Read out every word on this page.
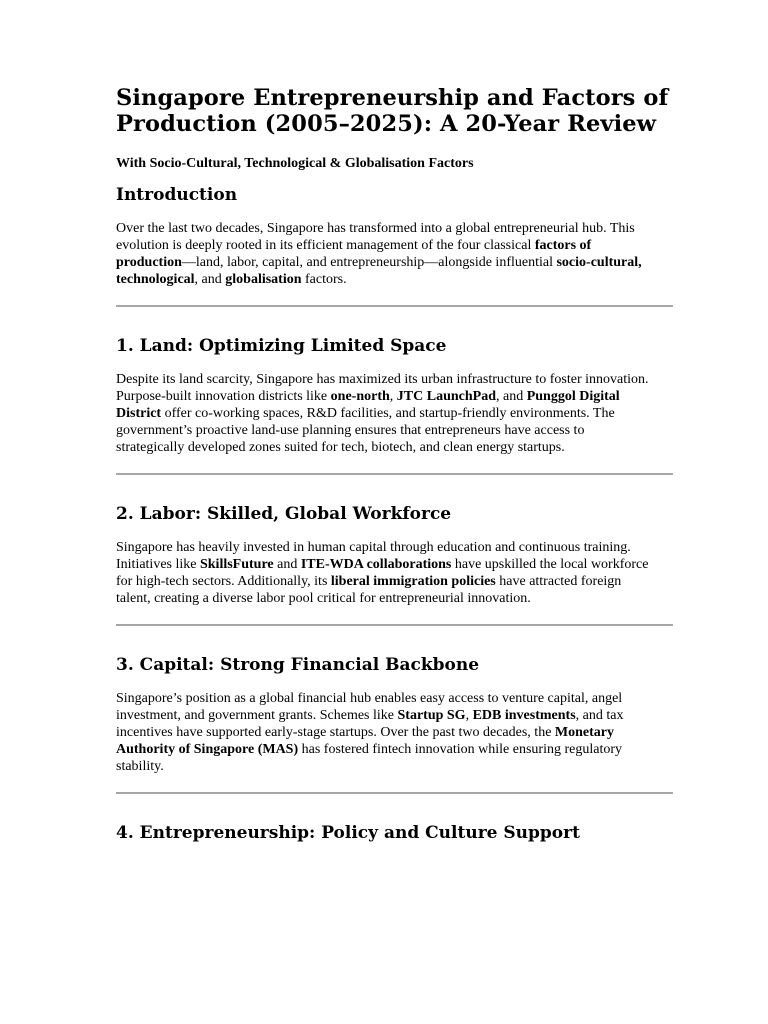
Singapore Entrepreneurship and Factors of Production (2005–2025): A 20-Year Review
With Socio-Cultural, Technological & Globalisation Factors
Introduction

Over the last two decades, Singapore has transformed into a global entrepreneurial hub. This evolution is deeply rooted in its efficient management of the four classical factors of production—land, labor, capital, and entrepreneurship—alongside influential socio-cultural, technological, and globalisation factors.

1. Land: Optimizing Limited Space

Despite its land scarcity, Singapore has maximized its urban infrastructure to foster innovation. Purpose-built innovation districts like one-north, JTC LaunchPad, and Punggol Digital District offer co-working spaces, R&D facilities, and startup-friendly environments. The government’s proactive land-use planning ensures that entrepreneurs have access to strategically developed zones suited for tech, biotech, and clean energy startups.

2. Labor: Skilled, Global Workforce

Singapore has heavily invested in human capital through education and continuous training. Initiatives like SkillsFuture and ITE-WDA collaborations have upskilled the local workforce for high-tech sectors. Additionally, its liberal immigration policies have attracted foreign talent, creating a diverse labor pool critical for entrepreneurial innovation.

3. Capital: Strong Financial Backbone

Singapore’s position as a global financial hub enables easy access to venture capital, angel investment, and government grants. Schemes like Startup SG, EDB investments, and tax incentives have supported early-stage startups. Over the past two decades, the Monetary Authority of Singapore (MAS) has fostered fintech innovation while ensuring regulatory stability.

4. Entrepreneurship: Policy and Culture Support
